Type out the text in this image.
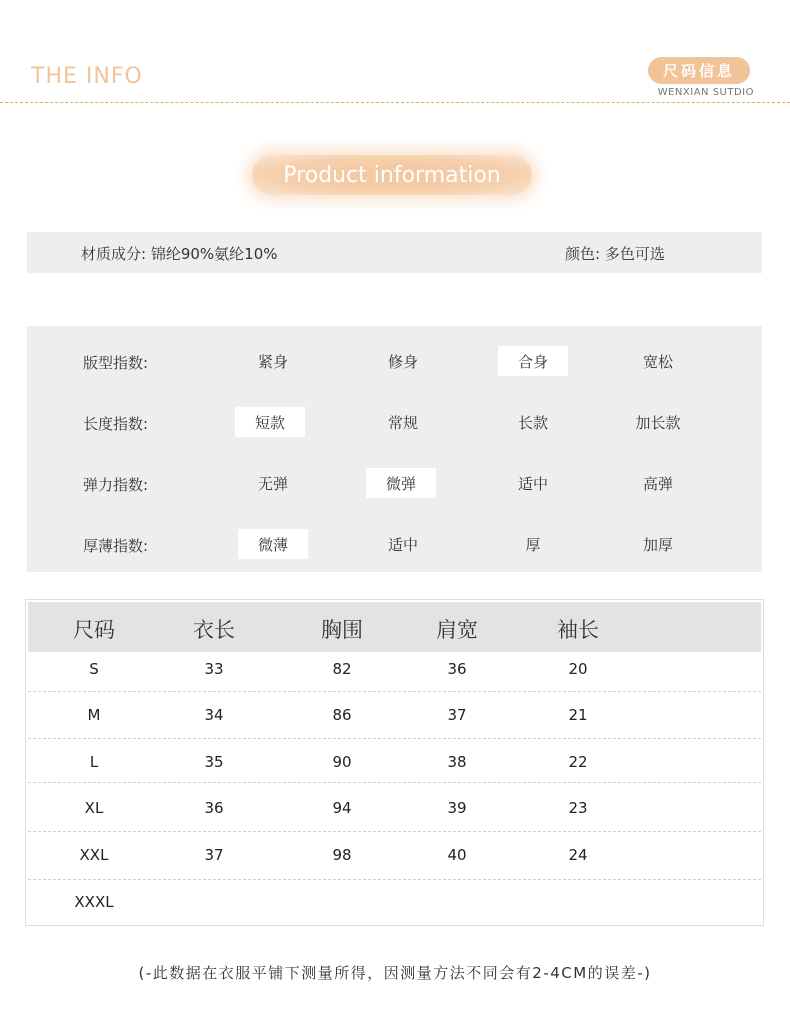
THE INFO	尺码信息
WENXIAN SUTDIO
Product information
材质成分: 锦纶90%氨纶10%	颜色: 多色可选
版型指数:	紧身	修身	合身	宽松
长度指数:	短款	常规	长款	加长款
弹力指数:	无弹	微弹	适中	高弹
厚薄指数:	微薄	适中	厚	加厚
尺码	衣长	胸围	肩宽	袖长
S	33	82	36	20
M	34	86	37	21
L	35	90	38	22
XL	36	94	39	23
XXL	37	98	40	24
XXXL
(-此数据在衣服平铺下测量所得，因测量方法不同会有2-4CM的误差-)
